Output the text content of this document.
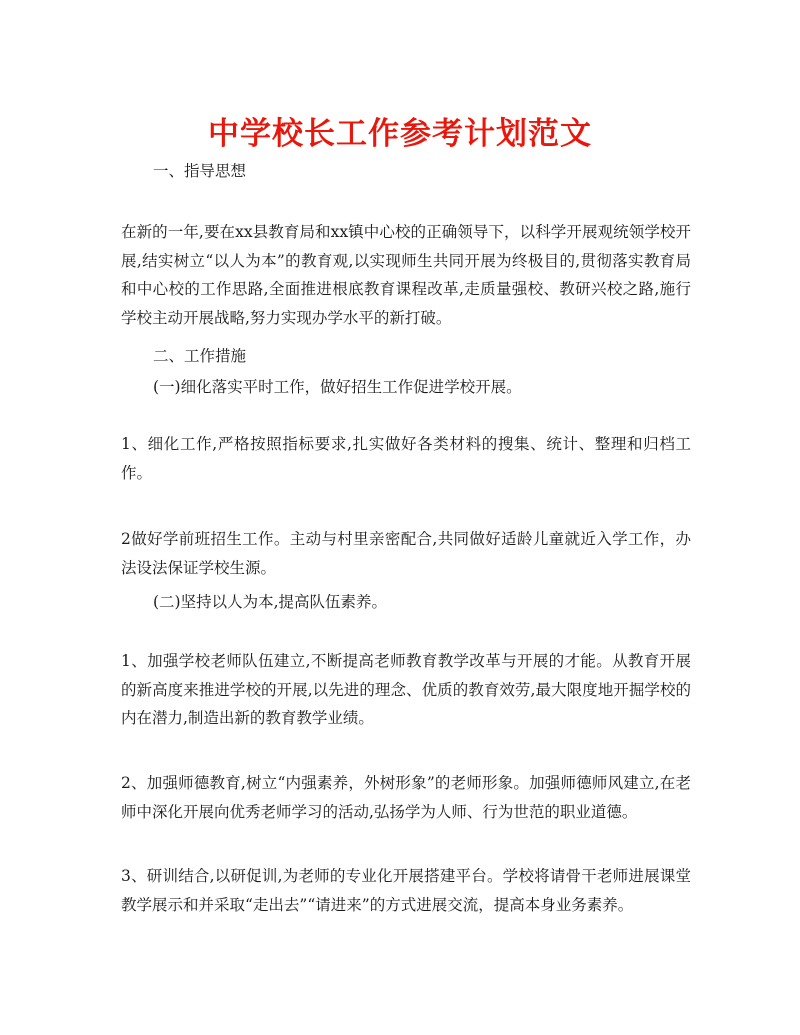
中学校长工作参考计划范文

一、指导思想

在新的一年,要在xx县教育局和xx镇中心校的正确领导下，以科学开展观统领学校开展,结实树立“以人为本”的教育观,以实现师生共同开展为终极目的,贯彻落实教育局和中心校的工作思路,全面推进根底教育课程改革,走质量强校、教研兴校之路,施行学校主动开展战略,努力实现办学水平的新打破。

二、工作措施

(一)细化落实平时工作，做好招生工作促进学校开展。

1、细化工作,严格按照指标要求,扎实做好各类材料的搜集、统计、整理和归档工作。

2做好学前班招生工作。主动与村里亲密配合,共同做好适龄儿童就近入学工作，办法设法保证学校生源。

(二)坚持以人为本,提高队伍素养。

1、加强学校老师队伍建立,不断提高老师教育教学改革与开展的才能。从教育开展的新高度来推进学校的开展,以先进的理念、优质的教育效劳,最大限度地开掘学校的内在潜力,制造出新的教育教学业绩。

2、加强师德教育,树立“内强素养，外树形象”的老师形象。加强师德师风建立,在老师中深化开展向优秀老师学习的活动,弘扬学为人师、行为世范的职业道德。

3、研训结合,以研促训,为老师的专业化开展搭建平台。学校将请骨干老师进展课堂教学展示和并采取“走出去”“请进来”的方式进展交流，提高本身业务素养。
